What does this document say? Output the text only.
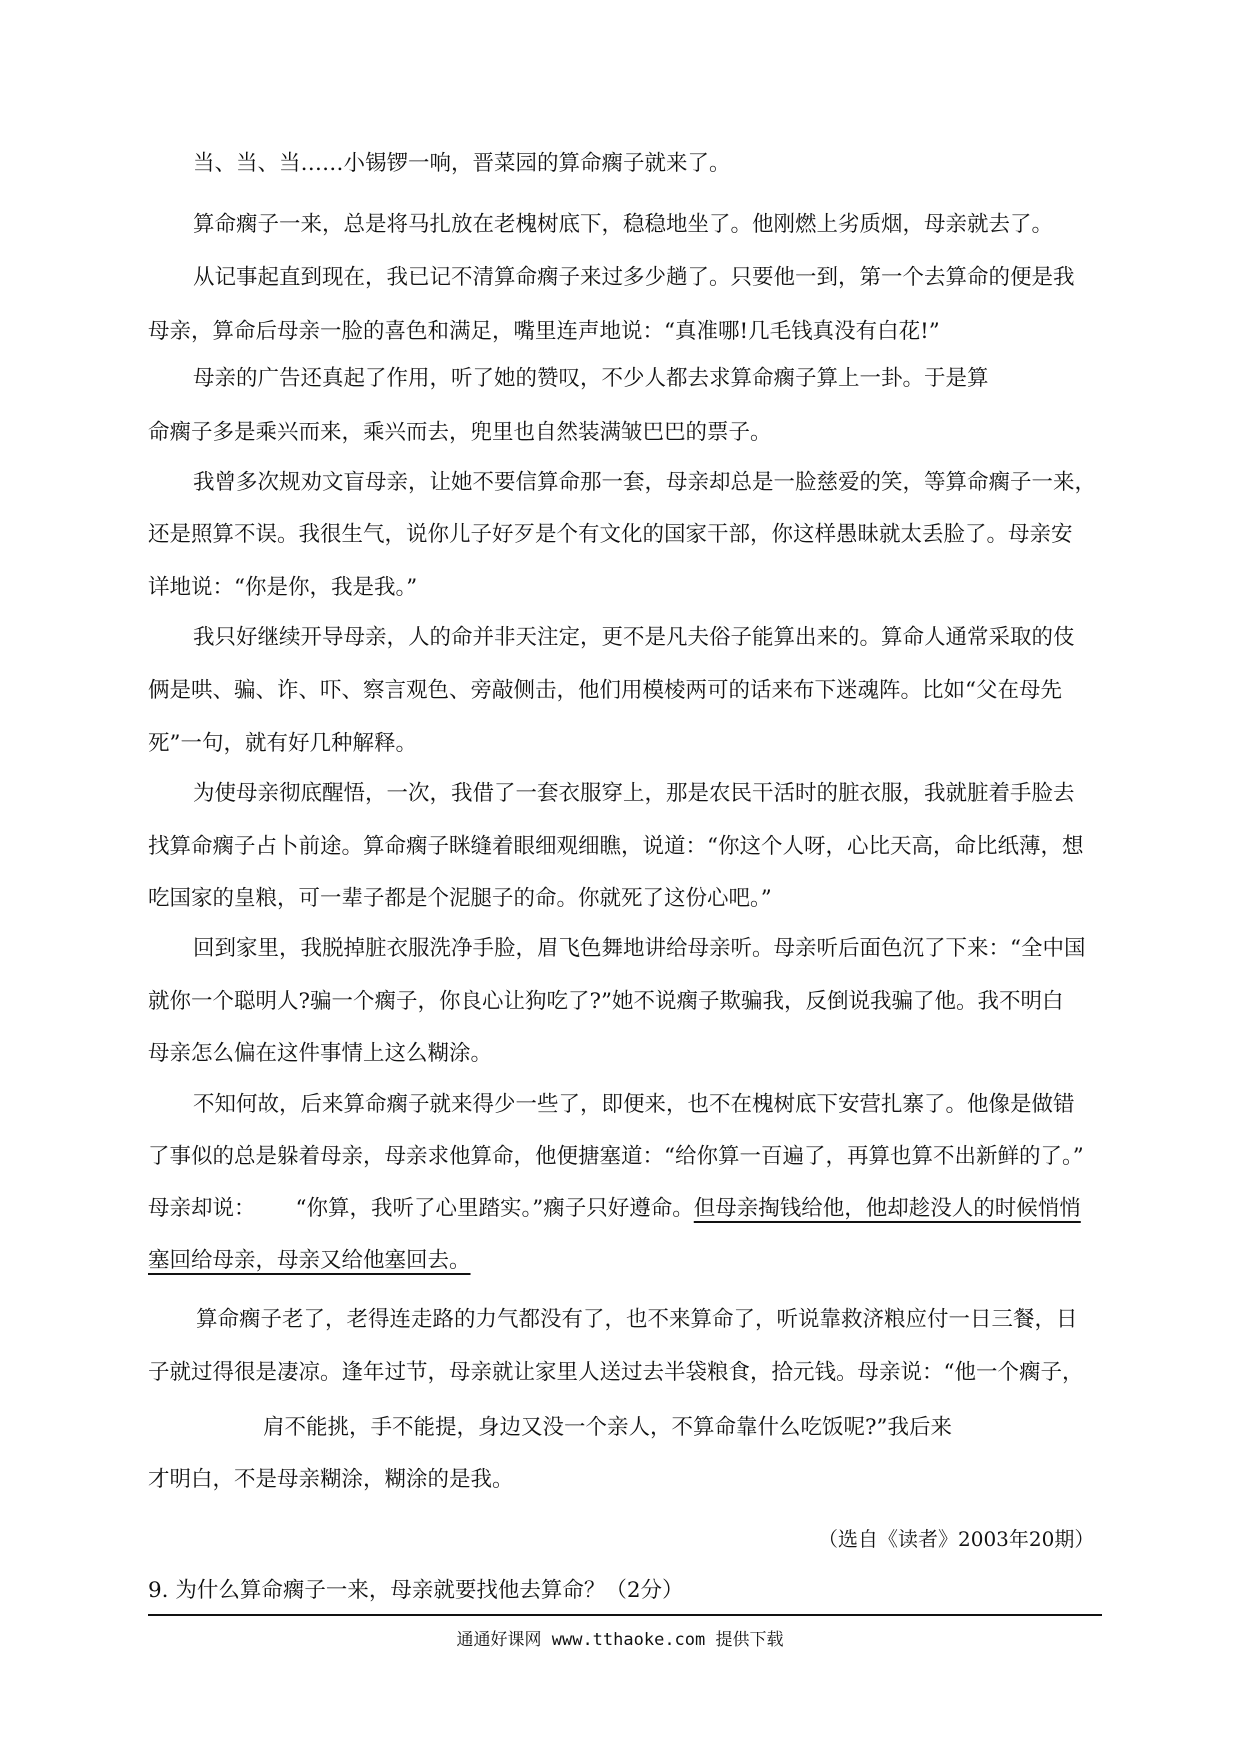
当、当、当……小锡锣一响，晋菜园的算命瘸子就来了。
算命瘸子一来，总是将马扎放在老槐树底下，稳稳地坐了。他刚燃上劣质烟，母亲就去了。
从记事起直到现在，我已记不清算命瘸子来过多少趟了。只要他一到，第一个去算命的便是我
母亲，算命后母亲一脸的喜色和满足，嘴里连声地说：“真准哪!几毛钱真没有白花!”
母亲的广告还真起了作用，听了她的赞叹，不少人都去求算命瘸子算上一卦。于是算
命瘸子多是乘兴而来，乘兴而去，兜里也自然装满皱巴巴的票子。
我曾多次规劝文盲母亲，让她不要信算命那一套，母亲却总是一脸慈爱的笑，等算命瘸子一来，
还是照算不误。我很生气，说你儿子好歹是个有文化的国家干部，你这样愚昧就太丢脸了。母亲安
详地说：“你是你，我是我。”
我只好继续开导母亲，人的命并非天注定，更不是凡夫俗子能算出来的。算命人通常采取的伎
俩是哄、骗、诈、吓、察言观色、旁敲侧击，他们用模棱两可的话来布下迷魂阵。比如“父在母先
死”一句，就有好几种解释。
为使母亲彻底醒悟，一次，我借了一套衣服穿上，那是农民干活时的脏衣服，我就脏着手脸去
找算命瘸子占卜前途。算命瘸子眯缝着眼细观细瞧，说道：“你这个人呀，心比天高，命比纸薄，想
吃国家的皇粮，可一辈子都是个泥腿子的命。你就死了这份心吧。”
回到家里，我脱掉脏衣服洗净手脸，眉飞色舞地讲给母亲听。母亲听后面色沉了下来：“全中国
就你一个聪明人?骗一个瘸子，你良心让狗吃了?”她不说瘸子欺骗我，反倒说我骗了他。我不明白
母亲怎么偏在这件事情上这么糊涂。
不知何故，后来算命瘸子就来得少一些了，即便来，也不在槐树底下安营扎寨了。他像是做错
了事似的总是躲着母亲，母亲求他算命，他便搪塞道：“给你算一百遍了，再算也算不出新鲜的了。”
母亲却说： “你算，我听了心里踏实。”瘸子只好遵命。但母亲掏钱给他，他却趁没人的时候悄悄
塞回给母亲，母亲又给他塞回去。
算命瘸子老了，老得连走路的力气都没有了，也不来算命了，听说靠救济粮应付一日三餐，日
子就过得很是凄凉。逢年过节，母亲就让家里人送过去半袋粮食，拾元钱。母亲说：“他一个瘸子，
肩不能挑，手不能提，身边又没一个亲人，不算命靠什么吃饭呢?”我后来
才明白，不是母亲糊涂，糊涂的是我。
（选自《读者》2003年20期）
9. 为什么算命瘸子一来，母亲就要找他去算命？（2分）
通通好课网 www.tthaoke.com 提供下载
